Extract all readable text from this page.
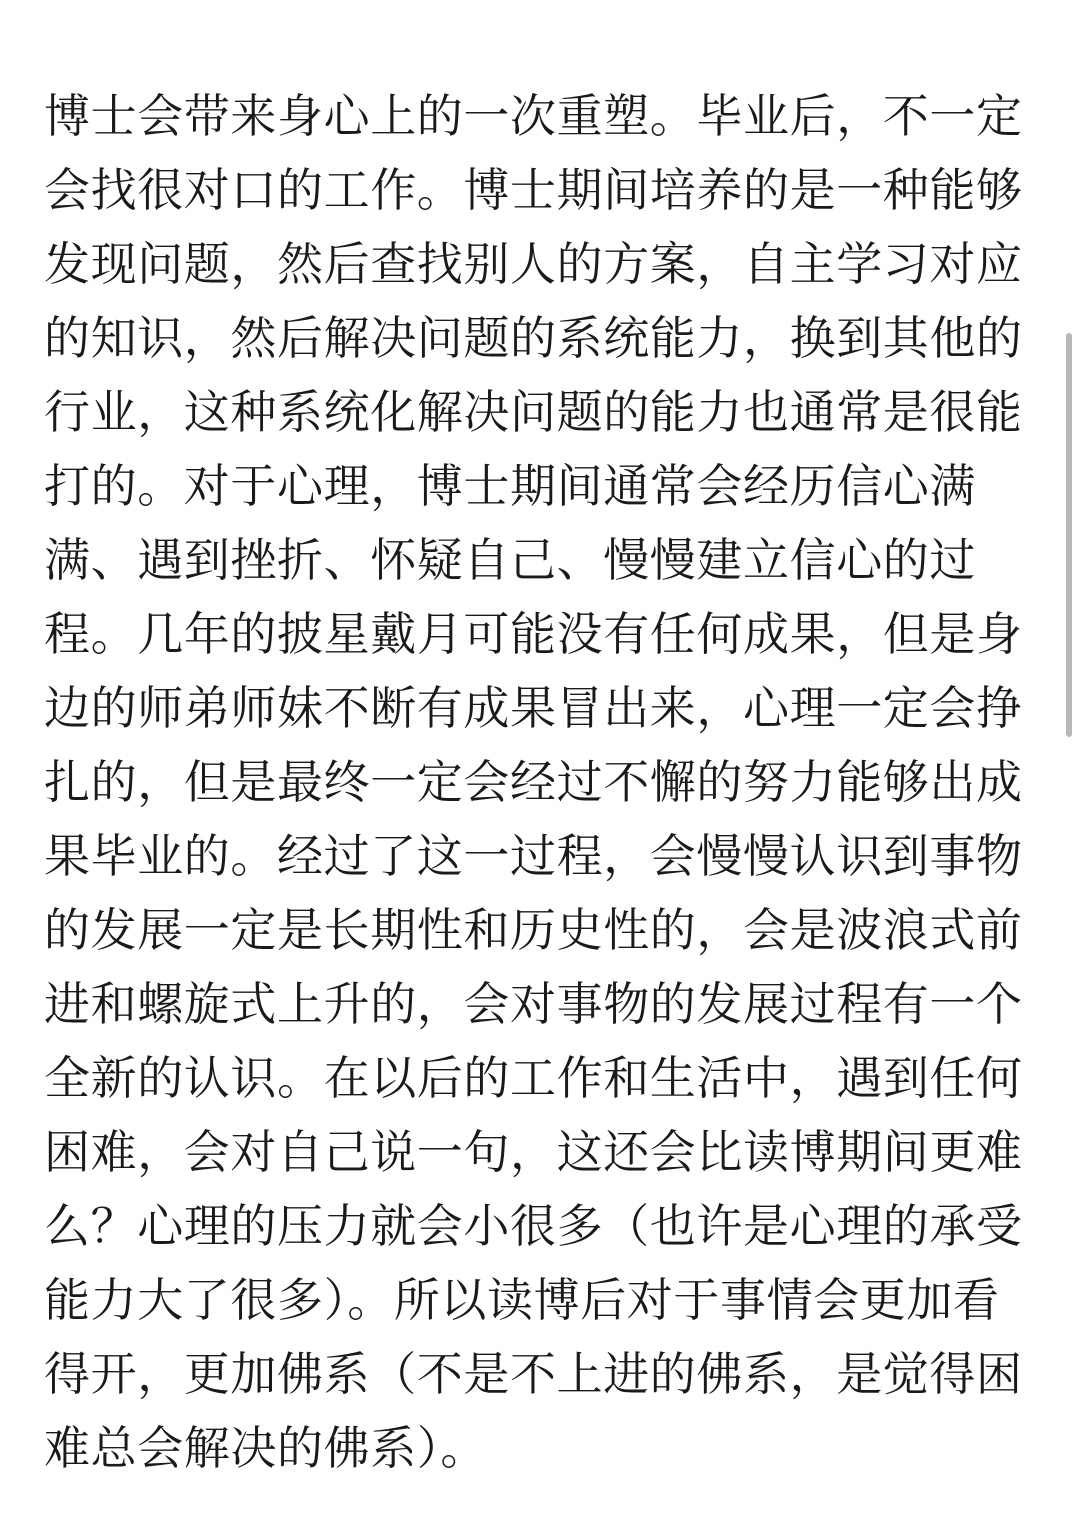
博士会带来身心上的一次重塑。毕业后，不一定
会找很对口的工作。博士期间培养的是一种能够
发现问题，然后查找别人的方案，自主学习对应
的知识，然后解决问题的系统能力，换到其他的
行业，这种系统化解决问题的能力也通常是很能
打的。对于心理，博士期间通常会经历信心满
满、遇到挫折、怀疑自己、慢慢建立信心的过
程。几年的披星戴月可能没有任何成果，但是身
边的师弟师妹不断有成果冒出来，心理一定会挣
扎的，但是最终一定会经过不懈的努力能够出成
果毕业的。经过了这一过程，会慢慢认识到事物
的发展一定是长期性和历史性的，会是波浪式前
进和螺旋式上升的，会对事物的发展过程有一个
全新的认识。在以后的工作和生活中，遇到任何
困难，会对自己说一句，这还会比读博期间更难
么？心理的压力就会小很多（也许是心理的承受
能力大了很多）。所以读博后对于事情会更加看
得开，更加佛系（不是不上进的佛系，是觉得困
难总会解决的佛系）。
